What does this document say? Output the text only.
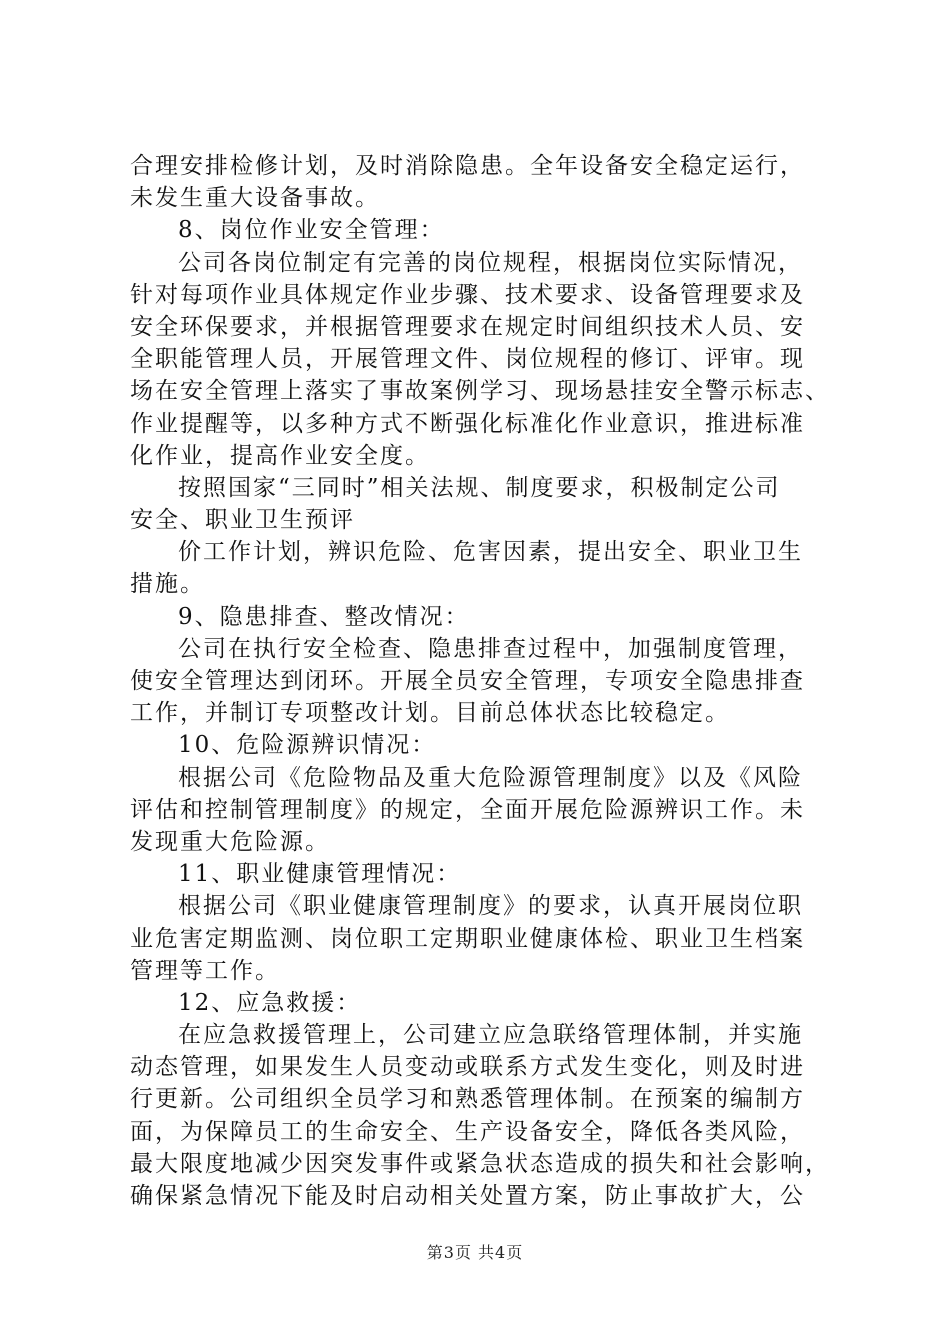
合理安排检修计划，及时消除隐患。全年设备安全稳定运行，
未发生重大设备事故。
8、岗位作业安全管理：
公司各岗位制定有完善的岗位规程，根据岗位实际情况，
针对每项作业具体规定作业步骤、技术要求、设备管理要求及
安全环保要求，并根据管理要求在规定时间组织技术人员、安
全职能管理人员，开展管理文件、岗位规程的修订、评审。现
场在安全管理上落实了事故案例学习、现场悬挂安全警示标志、
作业提醒等，以多种方式不断强化标准化作业意识，推进标准
化作业，提高作业安全度。
按照国家“三同时”相关法规、制度要求，积极制定公司
安全、职业卫生预评
价工作计划，辨识危险、危害因素，提出安全、职业卫生
措施。
9、隐患排查、整改情况：
公司在执行安全检查、隐患排查过程中，加强制度管理，
使安全管理达到闭环。开展全员安全管理，专项安全隐患排查
工作，并制订专项整改计划。目前总体状态比较稳定。
10、危险源辨识情况：
根据公司《危险物品及重大危险源管理制度》以及《风险
评估和控制管理制度》的规定，全面开展危险源辨识工作。未
发现重大危险源。
11、职业健康管理情况：
根据公司《职业健康管理制度》的要求，认真开展岗位职
业危害定期监测、岗位职工定期职业健康体检、职业卫生档案
管理等工作。
12、应急救援：
在应急救援管理上，公司建立应急联络管理体制，并实施
动态管理，如果发生人员变动或联系方式发生变化，则及时进
行更新。公司组织全员学习和熟悉管理体制。在预案的编制方
面，为保障员工的生命安全、生产设备安全，降低各类风险，
最大限度地减少因突发事件或紧急状态造成的损失和社会影响，
确保紧急情况下能及时启动相关处置方案，防止事故扩大，公
第3页 共4页
